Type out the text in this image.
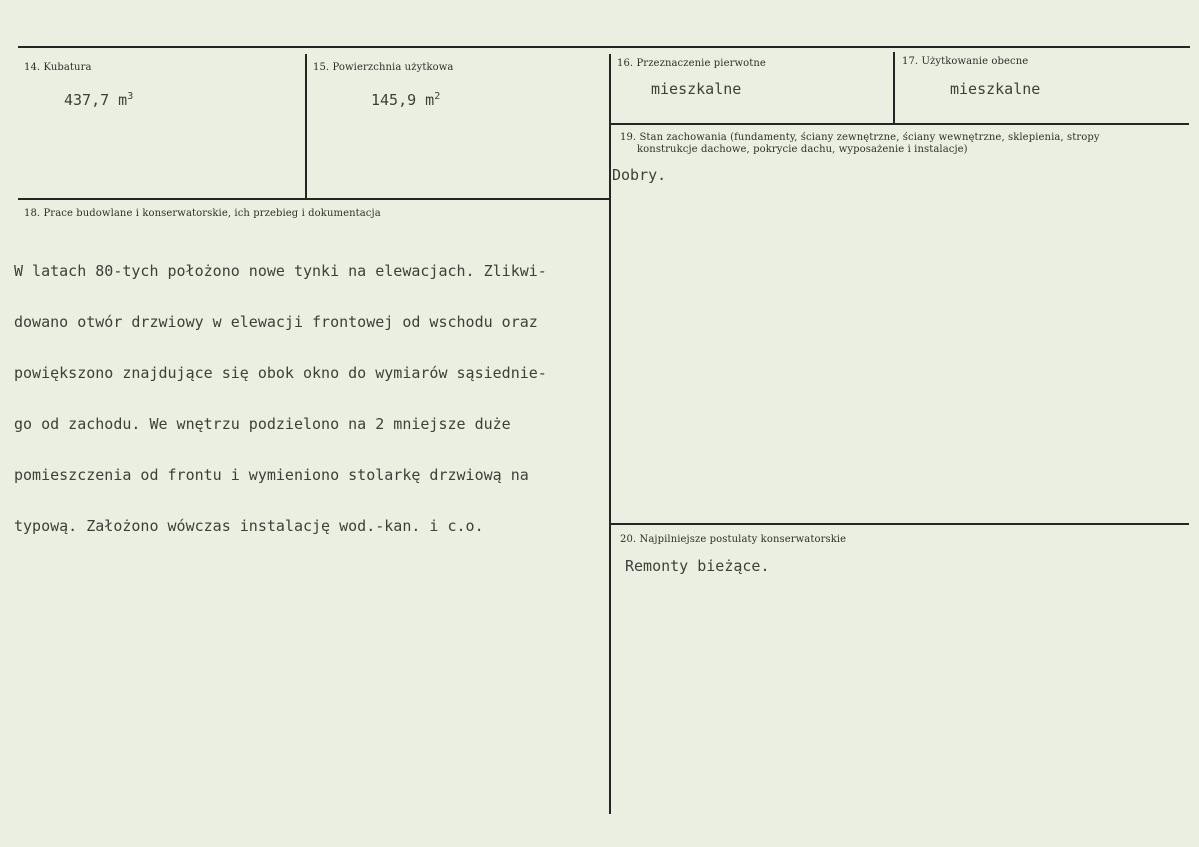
14. Kubatura
437,7 $m^3$
15. Powierzchnia użytkowa
145,9 $m^2$
16. Przeznaczenie pierwotne
mieszkalne
17. Użytkowanie obecne
mieszkalne
18. Prace budowlane i konserwatorskie, ich przebieg i dokumentacja

W latach 80-tych położono nowe tynki na elewacjach. Zlikwi-

dowano otwór drzwiowy w elewacji frontowej od wschodu oraz

powiększono znajdujące się obok okno do wymiarów sąsiednie-

go od zachodu. We wnętrzu podzielono na 2 mniejsze duże

pomieszczenia od frontu i wymieniono stolarkę drzwiową na

typową. Założono wówczas instalację wod.-kan. i c.o.

19. Stan zachowania (fundamenty, ściany zewnętrzne, ściany wewnętrzne, sklepienia, stropy
konstrukcje dachowe, pokrycie dachu, wyposażenie i instalacje)
Dobry.
20. Najpilniejsze postulaty konserwatorskie
Remonty bieżące.
